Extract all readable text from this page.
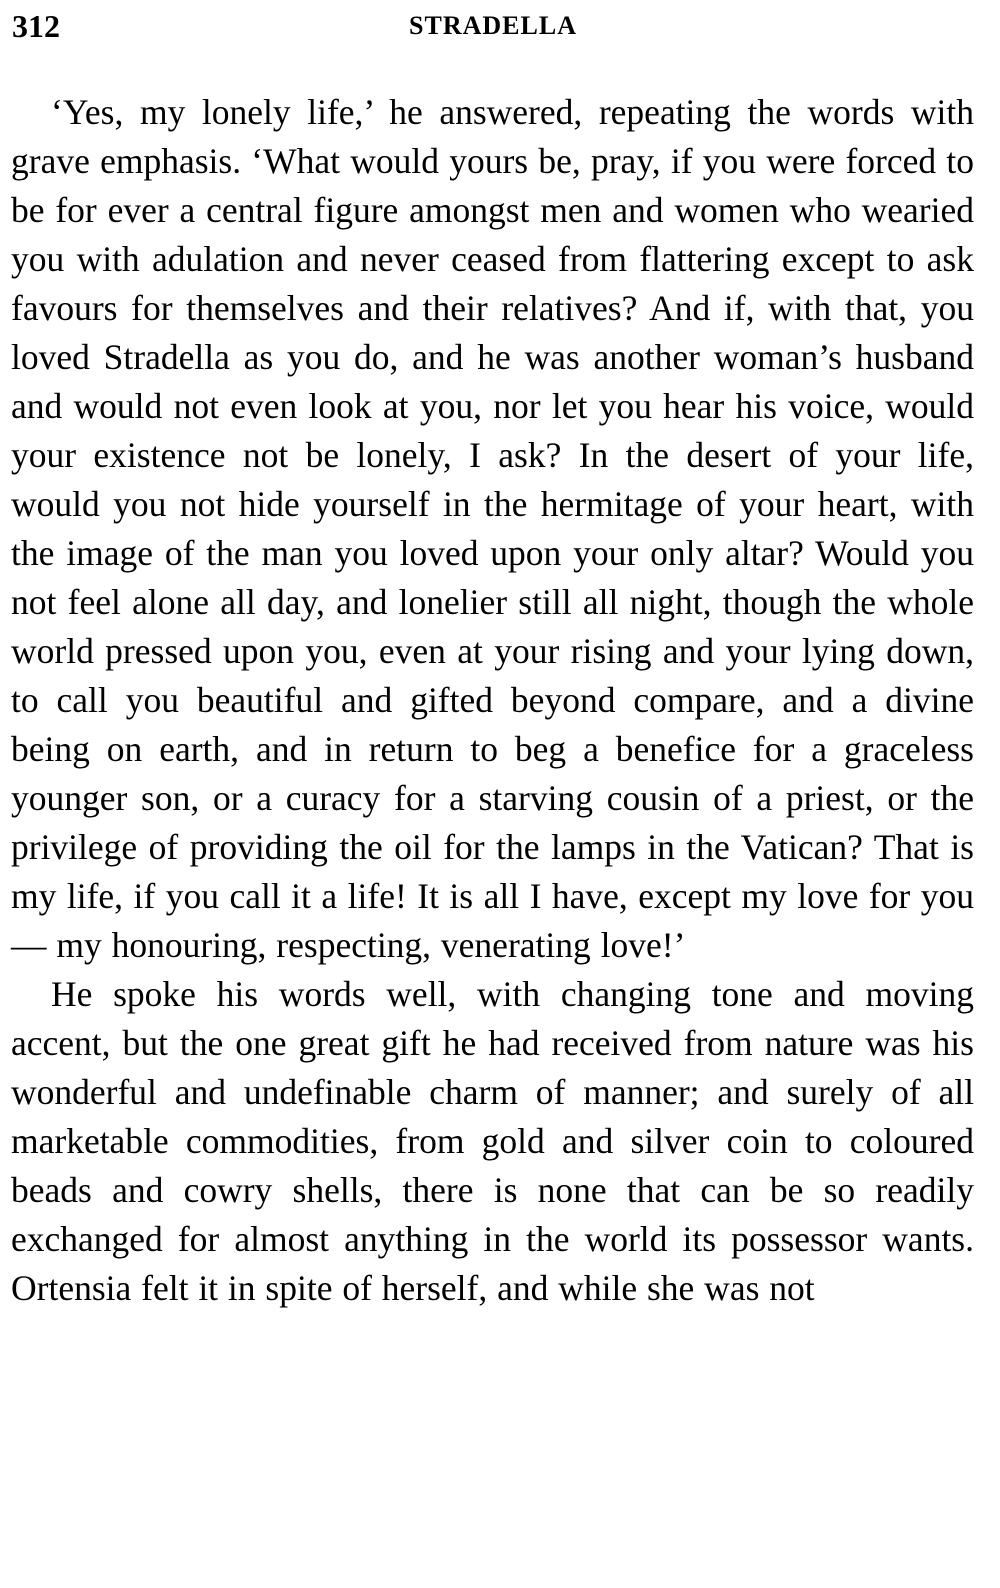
312	STRADELLA

‘Yes, my lonely life,’ he answered, repeating the words with grave emphasis. ‘What would yours be, pray, if you were forced to be for ever a central figure amongst men and women who wearied you with adulation and never ceased from flattering except to ask favours for themselves and their relatives? And if, with that, you loved Stradella as you do, and he was another woman’s husband and would not even look at you, nor let you hear his voice, would your existence not be lonely, I ask? In the desert of your life, would you not hide yourself in the hermitage of your heart, with the image of the man you loved upon your only altar? Would you not feel alone all day, and lonelier still all night, though the whole world pressed upon you, even at your rising and your lying down, to call you beautiful and gifted beyond compare, and a divine being on earth, and in return to beg a benefice for a graceless younger son, or a curacy for a starving cousin of a priest, or the privilege of providing the oil for the lamps in the Vatican? That is my life, if you call it a life! It is all I have, except my love for you — my honouring, respecting, venerating love!’

He spoke his words well, with changing tone and moving accent, but the one great gift he had received from nature was his wonderful and undefinable charm of manner; and surely of all marketable commodities, from gold and silver coin to coloured beads and cowry shells, there is none that can be so readily exchanged for almost anything in the world its possessor wants. Ortensia felt it in spite of herself, and while she was not
